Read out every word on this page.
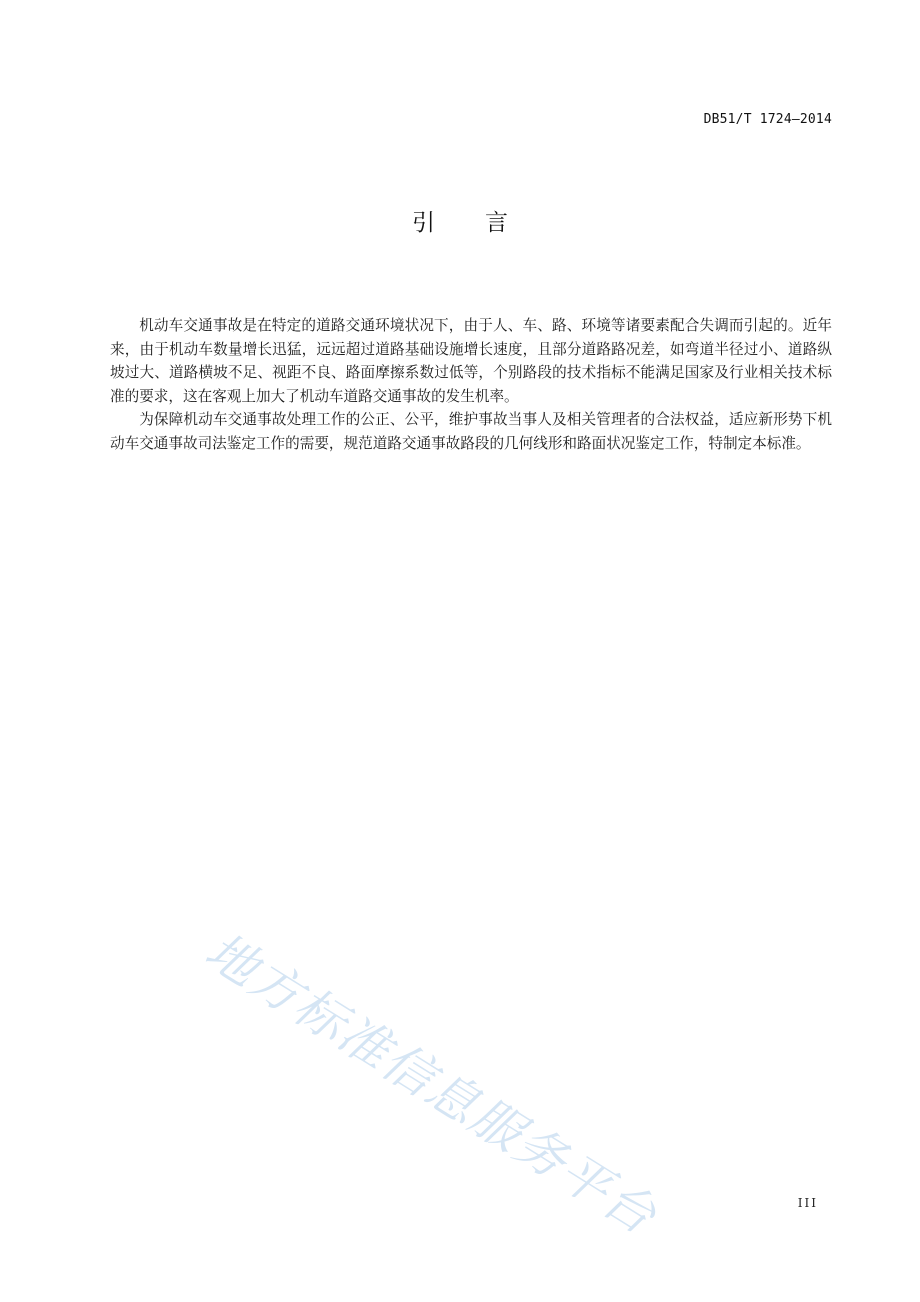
DB51/T 1724—2014
引言

机动车交通事故是在特定的道路交通环境状况下，由于人、车、路、环境等诸要素配合失调而引起的。近年来，由于机动车数量增长迅猛，远远超过道路基础设施增长速度，且部分道路路况差，如弯道半径过小、道路纵坡过大、道路横坡不足、视距不良、路面摩擦系数过低等，个别路段的技术指标不能满足国家及行业相关技术标准的要求，这在客观上加大了机动车道路交通事故的发生机率。

为保障机动车交通事故处理工作的公正、公平，维护事故当事人及相关管理者的合法权益，适应新形势下机动车交通事故司法鉴定工作的需要，规范道路交通事故路段的几何线形和路面状况鉴定工作，特制定本标准。

地方标准信息服务平台	III
